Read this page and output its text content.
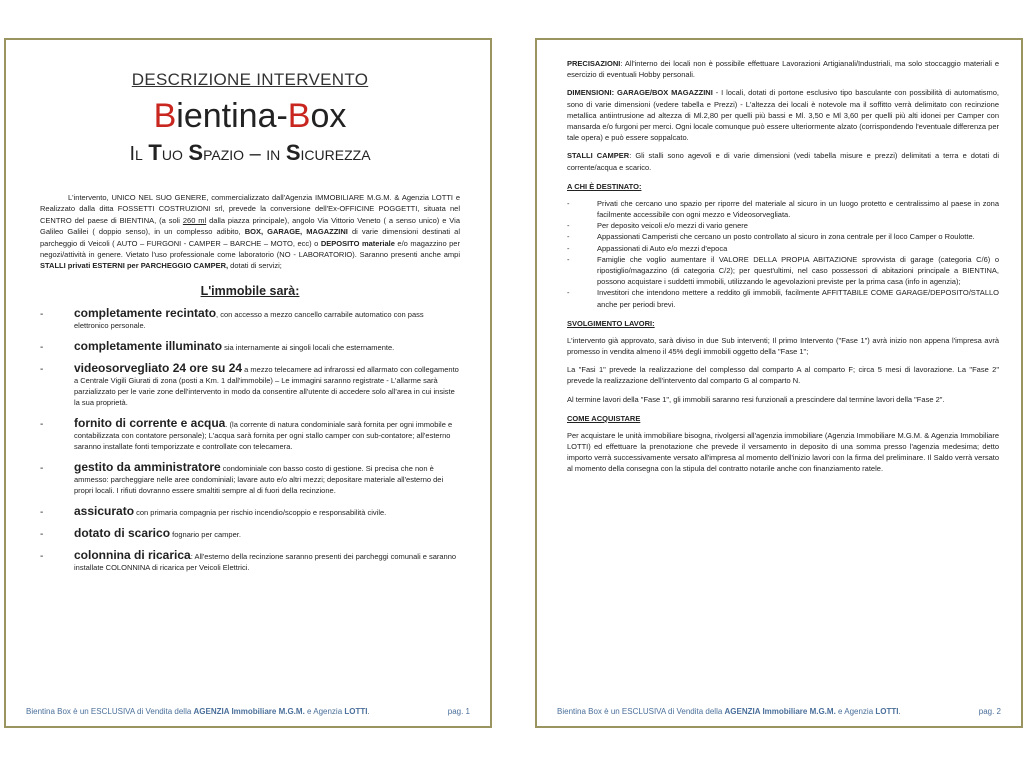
DESCRIZIONE INTERVENTO
Bientina-Box
Il Tuo Spazio – in Sicurezza
L'intervento, UNICO NEL SUO GENERE, commercializzato dall'Agenzia IMMOBILIARE M.G.M. & Agenzia LOTTI e Realizzato dalla ditta FOSSETTI COSTRUZIONI srl, prevede la conversione dell'Ex-OFFICINE POGGETTI, situata nel CENTRO del paese di BIENTINA, (a soli 260 ml dalla piazza principale), angolo Via Vittorio Veneto ( a senso unico) e Via Galileo Galilei ( doppio senso), in un complesso adibito, BOX, GARAGE, MAGAZZINI di varie dimensioni destinati al parcheggio di Veicoli ( AUTO – FURGONI - CAMPER – BARCHE – MOTO, ecc) o DEPOSITO materiale e/o magazzino per negozi/attività in genere. Vietato l'uso professionale come laboratorio (NO - LABORATORIO). Saranno presenti anche ampi STALLI privati ESTERNI per PARCHEGGIO CAMPER, dotati di servizi;
L'immobile sarà:
-	completamente recintato, con accesso a mezzo cancello carrabile automatico con pass elettronico personale.
-	completamente illuminato sia internamente ai singoli locali che esternamente.
-	videosorvegliato 24 ore su 24 a mezzo telecamere ad infrarossi ed allarmato con collegamento a Centrale Vigili Giurati di zona (posti a Km. 1 dall'immobile) – Le immagini saranno registrate - L'allarme sarà parzializzato per le varie zone dell'intervento in modo da consentire all'utente di accedere solo all'area in cui insiste la sua proprietà.
-	fornito di corrente e acqua. (la corrente di natura condominiale sarà fornita per ogni immobile e contabilizzata con contatore personale); L'acqua sarà fornita per ogni stallo camper con sub-contatore; all'esterno saranno installate fonti temporizzate e controllate con telecamera.
-	gestito da amministratore condominiale con basso costo di gestione. Si precisa che non è ammesso: parcheggiare nelle aree condominiali; lavare auto e/o altri mezzi; depositare materiale all'esterno dei propri locali. I rifiuti dovranno essere smaltiti sempre al di fuori della recinzione.
-	assicurato con primaria compagnia per rischio incendio/scoppio e responsabilità civile.
-	dotato di scarico fognario per camper.
-	colonnina di ricarica: All'esterno della recinzione saranno presenti dei parcheggi comunali e saranno installate COLONNINA di ricarica per Veicoli Elettrici.
Bientina Box è un ESCLUSIVA di Vendita della AGENZIA Immobiliare M.G.M. e Agenzia LOTTI.	pag. 1

PRECISAZIONI: All'interno dei locali non è possibile effettuare Lavorazioni Artigianali/Industriali, ma solo stoccaggio materiali e esercizio di eventuali Hobby personali.

DIMENSIONI: GARAGE/BOX MAGAZZINI - I locali, dotati di portone esclusivo tipo basculante con possibilità di automatismo, sono di varie dimensioni (vedere tabella e Prezzi) - L'altezza dei locali è notevole ma il soffitto verrà delimitato con recinzione metallica antiintrusione ad altezza di Ml.2,80 per quelli più bassi e Ml. 3,50 e Ml 3,60 per quelli più alti idonei per Camper con mansarda e/o furgoni per merci. Ogni locale comunque può essere ulteriormente alzato (corrispondendo l'eventuale differenza per tale opera) e può essere soppalcato.

STALLI CAMPER: Gli stalli sono agevoli e di varie dimensioni (vedi tabella misure e prezzi) delimitati a terra e dotati di corrente/acqua e scarico.

A CHI È DESTINATO:
-	Privati che cercano uno spazio per riporre del materiale al sicuro in un luogo protetto e centralissimo al paese in zona facilmente accessibile con ogni mezzo e Videosorvegliata.
-	Per deposito veicoli e/o mezzi di vario genere
-	Appassionati Camperisti che cercano un posto controllato al sicuro in zona centrale per il loco Camper o Roulotte.
-	Appassionati di Auto e/o mezzi d'epoca
-	Famiglie che voglio aumentare il VALORE DELLA PROPIA ABITAZIONE sprovvista di garage (categoria C/6) o ripostiglio/magazzino (di categoria C/2); per quest'ultimi, nel caso possessori di abitazioni principale a BIENTINA, possono acquistare i suddetti immobili, utilizzando le agevolazioni previste per la prima casa (info in agenzia);
-	Investitori che intendono mettere a reddito gli immobili, facilmente AFFITTABILE COME GARAGE/DEPOSITO/STALLO anche per periodi brevi.
SVOLGIMENTO LAVORI:

L'intervento già approvato, sarà diviso in due Sub interventi; Il primo Intervento ("Fase 1") avrà inizio non appena l'impresa avrà promesso in vendita almeno il 45% degli immobili oggetto della "Fase 1";

La "Fasi 1" prevede la realizzazione del complesso dal comparto A al comparto F; circa 5 mesi di lavorazione. La "Fase 2" prevede la realizzazione dell'intervento dal comparto G al comparto N.

Al termine lavori della "Fase 1", gli immobili saranno resi funzionali a prescindere dal termine lavori della "Fase 2".

COME ACQUISTARE

Per acquistare le unità immobiliare bisogna, rivolgersi all'agenzia immobiliare (Agenzia Immobiliare M.G.M. & Agenzia Immobiliare LOTTI) ed effettuare la prenotazione che prevede il versamento in deposito di una somma presso l'agenzia medesima; detto importo verrà successivamente versato all'impresa al momento dell'inizio lavori con la firma del preliminare. Il Saldo verrà versato al momento della consegna con la stipula del contratto notarile anche con finanziamento ratele.

Bientina Box è un ESCLUSIVA di Vendita della AGENZIA Immobiliare M.G.M. e Agenzia LOTTI.	pag. 2
